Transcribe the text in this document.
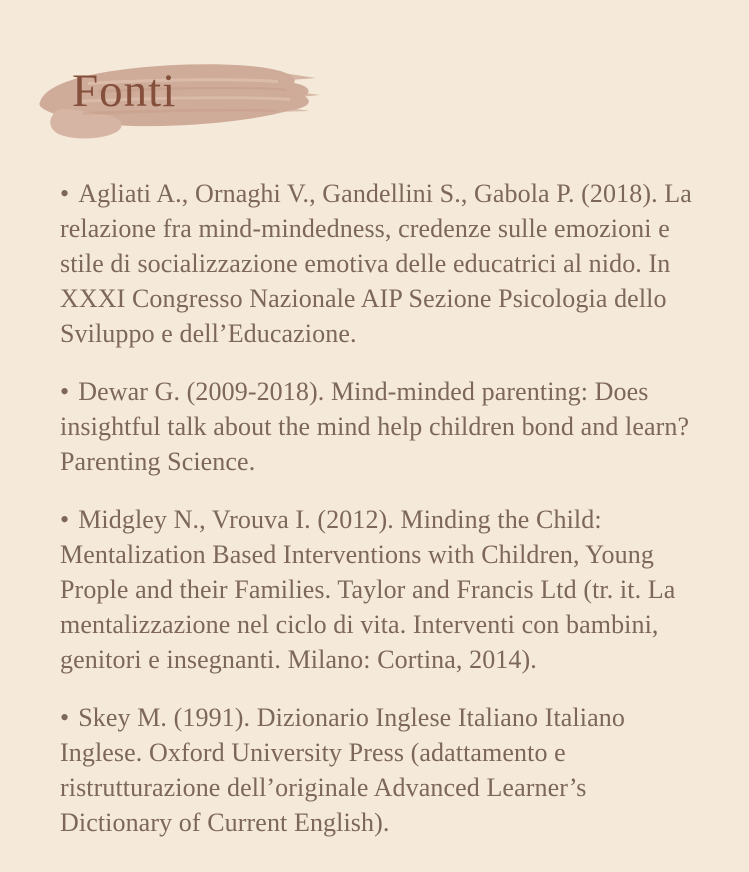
Fonti

• Agliati A., Ornaghi V., Gandellini S., Gabola P. (2018). La relazione fra mind-mindedness, credenze sulle emozioni e stile di socializzazione emotiva delle educatrici al nido. In XXXI Congresso Nazionale AIP Sezione Psicologia dello Sviluppo e dell’Educazione.

• Dewar G. (2009-2018). Mind-minded parenting: Does insightful talk about the mind help children bond and learn? Parenting Science.

• Midgley N., Vrouva I. (2012). Minding the Child: Mentalization Based Interventions with Children, Young Prople and their Families. Taylor and Francis Ltd (tr. it. La mentalizzazione nel ciclo di vita. Interventi con bambini, genitori e insegnanti. Milano: Cortina, 2014).

• Skey M. (1991). Dizionario Inglese Italiano Italiano Inglese. Oxford University Press (adattamento e ristrutturazione dell’originale Advanced Learner’s Dictionary of Current English).
